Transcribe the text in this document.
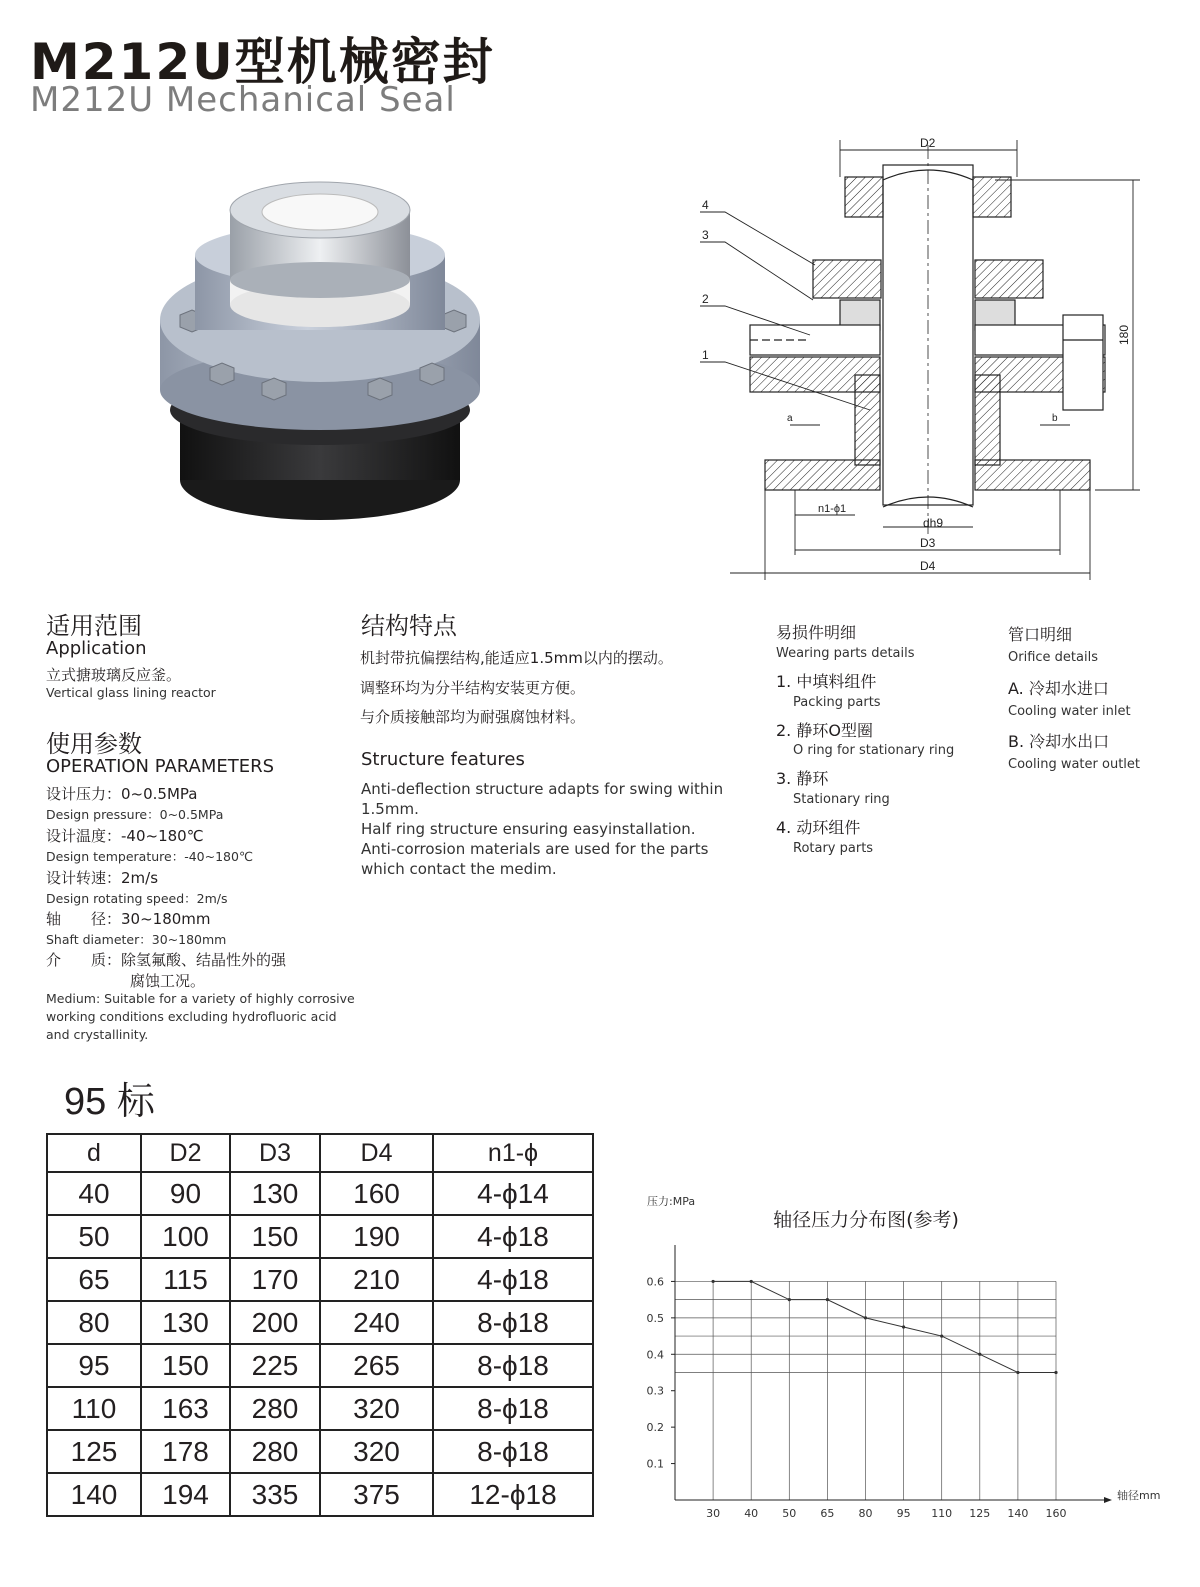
M212U型机械密封
M212U Mechanical Seal
D2
dh9
D3
D4
n1-ϕ1
180
4
3
2
1
a	b
适用范围
Application
立式搪玻璃反应釜。
Vertical glass lining reactor
使用参数
OPERATION PARAMETERS
设计压力：0~0.5MPa
Design pressure：0~0.5MPa
设计温度：-40~180℃
Design temperature：-40~180℃
设计转速：2m/s
Design rotating speed：2m/s
轴　　径：30~180mm
Shaft diameter：30~180mm
介　　质：除氢氟酸、结晶性外的强
腐蚀工况。
Medium: Suitable for a variety of highly corrosive
working conditions excluding hydrofluoric acid
and crystallinity.
结构特点
机封带抗偏摆结构,能适应1.5mm以内的摆动。
调整环均为分半结构安装更方便。
与介质接触部均为耐强腐蚀材料。
Structure features
Anti-deflection structure adapts for swing within
1.5mm.
Half ring structure ensuring easyinstallation.
Anti-corrosion materials are used for the parts
which contact the medim.
易损件明细
Wearing parts details
1. 中填料组件
Packing parts
2. 静环O型圈
O ring for stationary ring
3. 静环
Stationary ring
4. 动环组件
Rotary parts
管口明细
Orifice details
A. 冷却水进口
Cooling water inlet
B. 冷却水出口
Cooling water outlet
95 标
d	D2	D3	D4	n1-ϕ
40	90	130	160	4-ϕ14
50	100	150	190	4-ϕ18
65	115	170	210	4-ϕ18
80	130	200	240	8-ϕ18
95	150	225	265	8-ϕ18
110	163	280	320	8-ϕ18
125	178	280	320	8-ϕ18
140	194	335	375	12-ϕ18
轴径压力分布图(参考)
压力:MPa
轴径mm
0.1
0.2
0.3
0.4
0.5
0.6
30 40 50 65 80 95 110 125 140 160
